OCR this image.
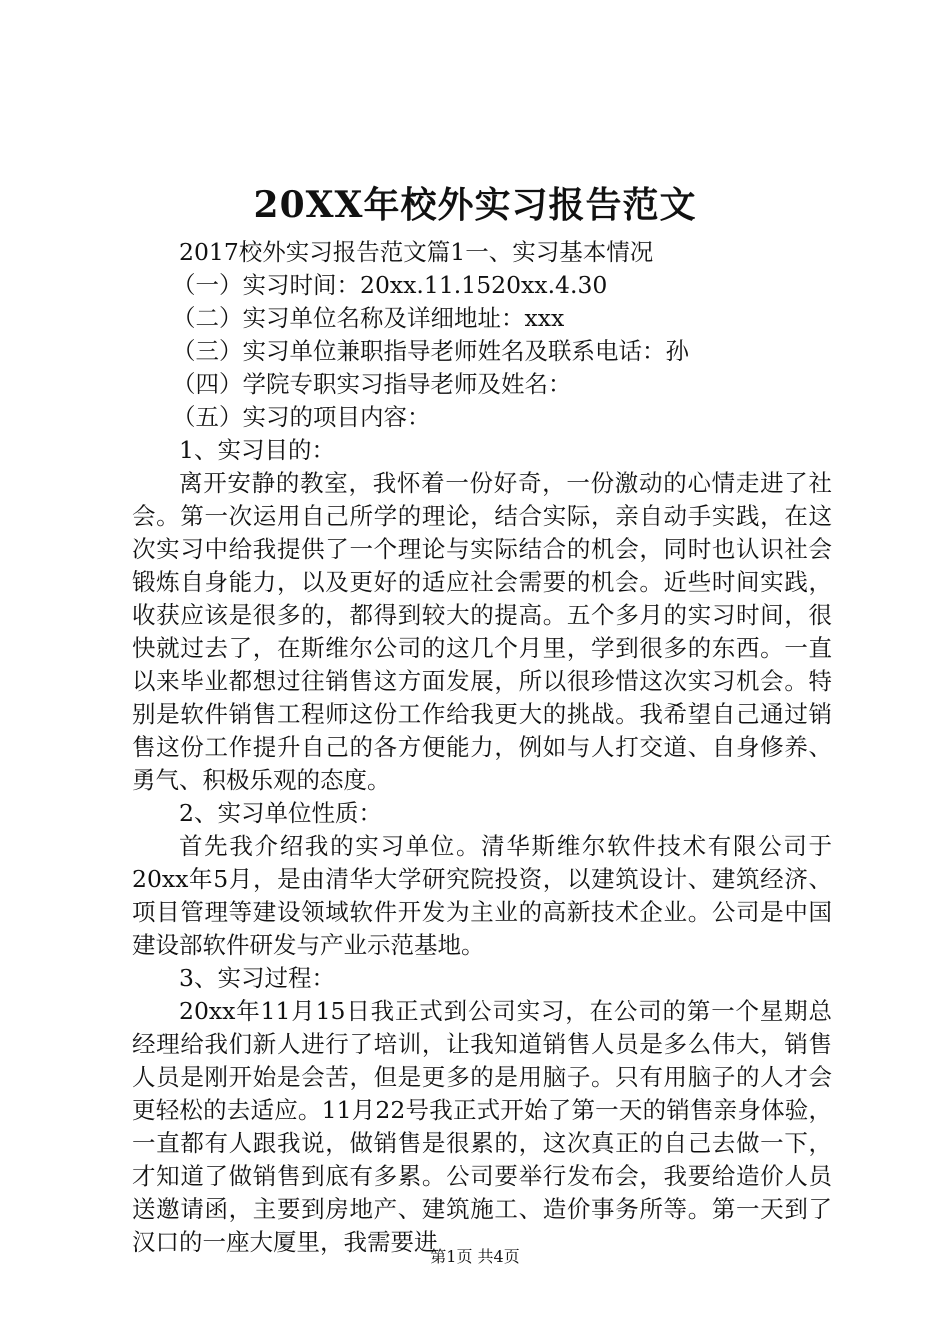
20XX年校外实习报告范文

2017校外实习报告范文篇1一、实习基本情况

（一）实习时间：20xx.11.1520xx.4.30

（二）实习单位名称及详细地址：xxx

（三）实习单位兼职指导老师姓名及联系电话：孙

（四）学院专职实习指导老师及姓名：

（五）实习的项目内容：

1、实习目的：

离开安静的教室，我怀着一份好奇，一份激动的心情走进了社会。第一次运用自己所学的理论，结合实际，亲自动手实践，在这次实习中给我提供了一个理论与实际结合的机会，同时也认识社会锻炼自身能力，以及更好的适应社会需要的机会。近些时间实践，收获应该是很多的，都得到较大的提高。五个多月的实习时间，很快就过去了，在斯维尔公司的这几个月里，学到很多的东西。一直以来毕业都想过往销售这方面发展，所以很珍惜这次实习机会。特别是软件销售工程师这份工作给我更大的挑战。我希望自己通过销售这份工作提升自己的各方便能力，例如与人打交道、自身修养、勇气、积极乐观的态度。

2、实习单位性质：

首先我介绍我的实习单位。清华斯维尔软件技术有限公司于20xx年5月，是由清华大学研究院投资，以建筑设计、建筑经济、项目管理等建设领域软件开发为主业的高新技术企业。公司是中国建设部软件研发与产业示范基地。

3、实习过程：

20xx年11月15日我正式到公司实习，在公司的第一个星期总经理给我们新人进行了培训，让我知道销售人员是多么伟大，销售人员是刚开始是会苦，但是更多的是用脑子。只有用脑子的人才会更轻松的去适应。11月22号我正式开始了第一天的销售亲身体验，一直都有人跟我说，做销售是很累的，这次真正的自己去做一下，才知道了做销售到底有多累。公司要举行发布会，我要给造价人员送邀请函，主要到房地产、建筑施工、造价事务所等。第一天到了汉口的一座大厦里，我需要进

第1页 共4页
